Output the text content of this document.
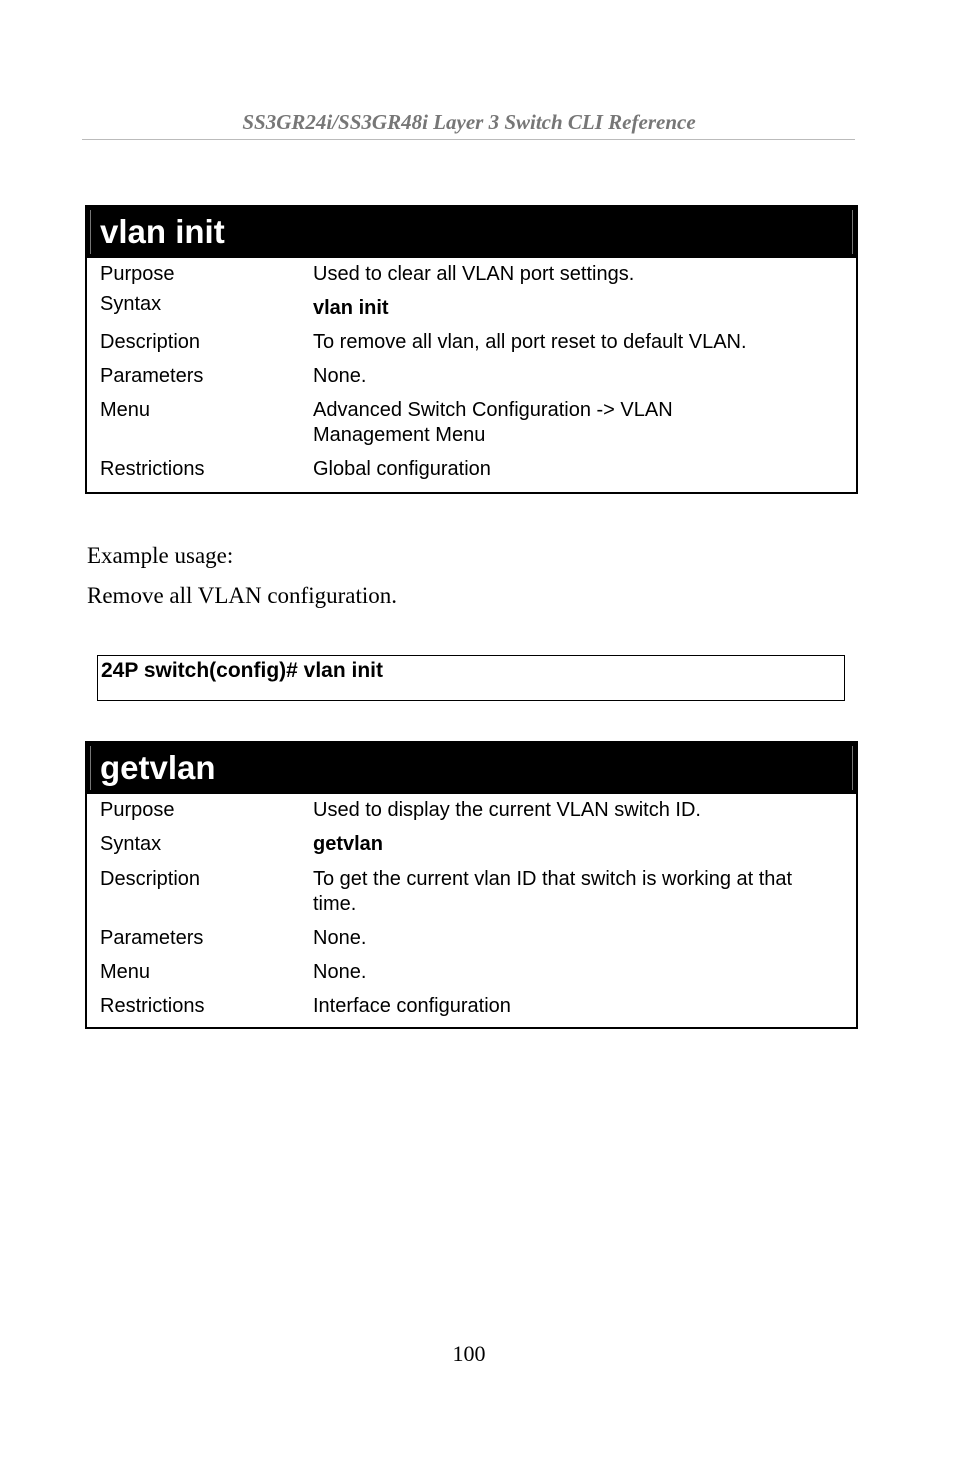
SS3GR24i/SS3GR48i Layer 3 Switch CLI Reference
vlan init
Purpose	Used to clear all VLAN port settings.
Syntax	vlan init
Description	To remove all vlan, all port reset to default VLAN.
Parameters	None.
Menu	Advanced Switch Configuration -> VLAN Management Menu
Restrictions	Global configuration
Example usage:
Remove all VLAN configuration.
24P switch(config)# vlan init
getvlan
Purpose	Used to display the current VLAN switch ID.
Syntax	getvlan
Description	To get the current vlan ID that switch is working at that time.
Parameters	None.
Menu	None.
Restrictions	Interface configuration
100
